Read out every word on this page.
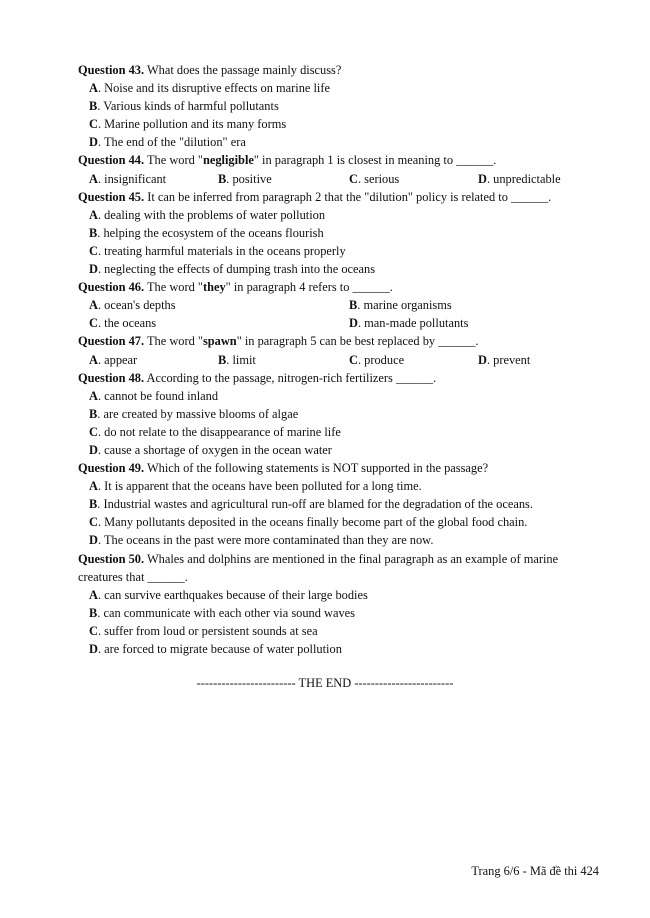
Question 43. What does the passage mainly discuss?
A. Noise and its disruptive effects on marine life
B. Various kinds of harmful pollutants
C. Marine pollution and its many forms
D. The end of the "dilution" era
Question 44. The word "negligible" in paragraph 1 is closest in meaning to ______.
A. insignificant	B. positive	C. serious	D. unpredictable
Question 45. It can be inferred from paragraph 2 that the "dilution" policy is related to ______.
A. dealing with the problems of water pollution
B. helping the ecosystem of the oceans flourish
C. treating harmful materials in the oceans properly
D. neglecting the effects of dumping trash into the oceans
Question 46. The word "they" in paragraph 4 refers to ______.
A. ocean's depths	B. marine organisms
C. the oceans	D. man-made pollutants
Question 47. The word "spawn" in paragraph 5 can be best replaced by ______.
A. appear	B. limit	C. produce	D. prevent
Question 48. According to the passage, nitrogen-rich fertilizers ______.
A. cannot be found inland
B. are created by massive blooms of algae
C. do not relate to the disappearance of marine life
D. cause a shortage of oxygen in the ocean water
Question 49. Which of the following statements is NOT supported in the passage?
A. It is apparent that the oceans have been polluted for a long time.
B. Industrial wastes and agricultural run-off are blamed for the degradation of the oceans.
C. Many pollutants deposited in the oceans finally become part of the global food chain.
D. The oceans in the past were more contaminated than they are now.
Question 50. Whales and dolphins are mentioned in the final paragraph as an example of marine
creatures that ______.
A. can survive earthquakes because of their large bodies
B. can communicate with each other via sound waves
C. suffer from loud or persistent sounds at sea
D. are forced to migrate because of water pollution
------------------------ THE END ------------------------
Trang 6/6 - Mã đề thi 424
